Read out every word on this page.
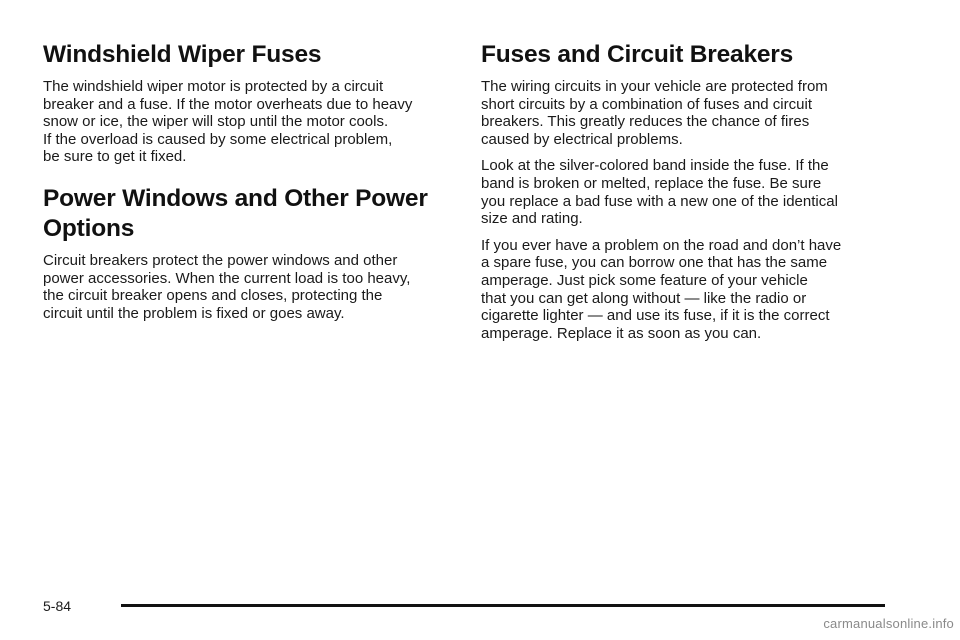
Windshield Wiper Fuses

The windshield wiper motor is protected by a circuit
breaker and a fuse. If the motor overheats due to heavy
snow or ice, the wiper will stop until the motor cools.
If the overload is caused by some electrical problem,
be sure to get it fixed.

Power Windows and Other Power Options

Circuit breakers protect the power windows and other
power accessories. When the current load is too heavy,
the circuit breaker opens and closes, protecting the
circuit until the problem is fixed or goes away.

Fuses and Circuit Breakers

The wiring circuits in your vehicle are protected from
short circuits by a combination of fuses and circuit
breakers. This greatly reduces the chance of fires
caused by electrical problems.

Look at the silver-colored band inside the fuse. If the
band is broken or melted, replace the fuse. Be sure
you replace a bad fuse with a new one of the identical
size and rating.

If you ever have a problem on the road and don’t have
a spare fuse, you can borrow one that has the same
amperage. Just pick some feature of your vehicle
that you can get along without — like the radio or
cigarette lighter — and use its fuse, if it is the correct
amperage. Replace it as soon as you can.

5-84
carmanualsonline.info
